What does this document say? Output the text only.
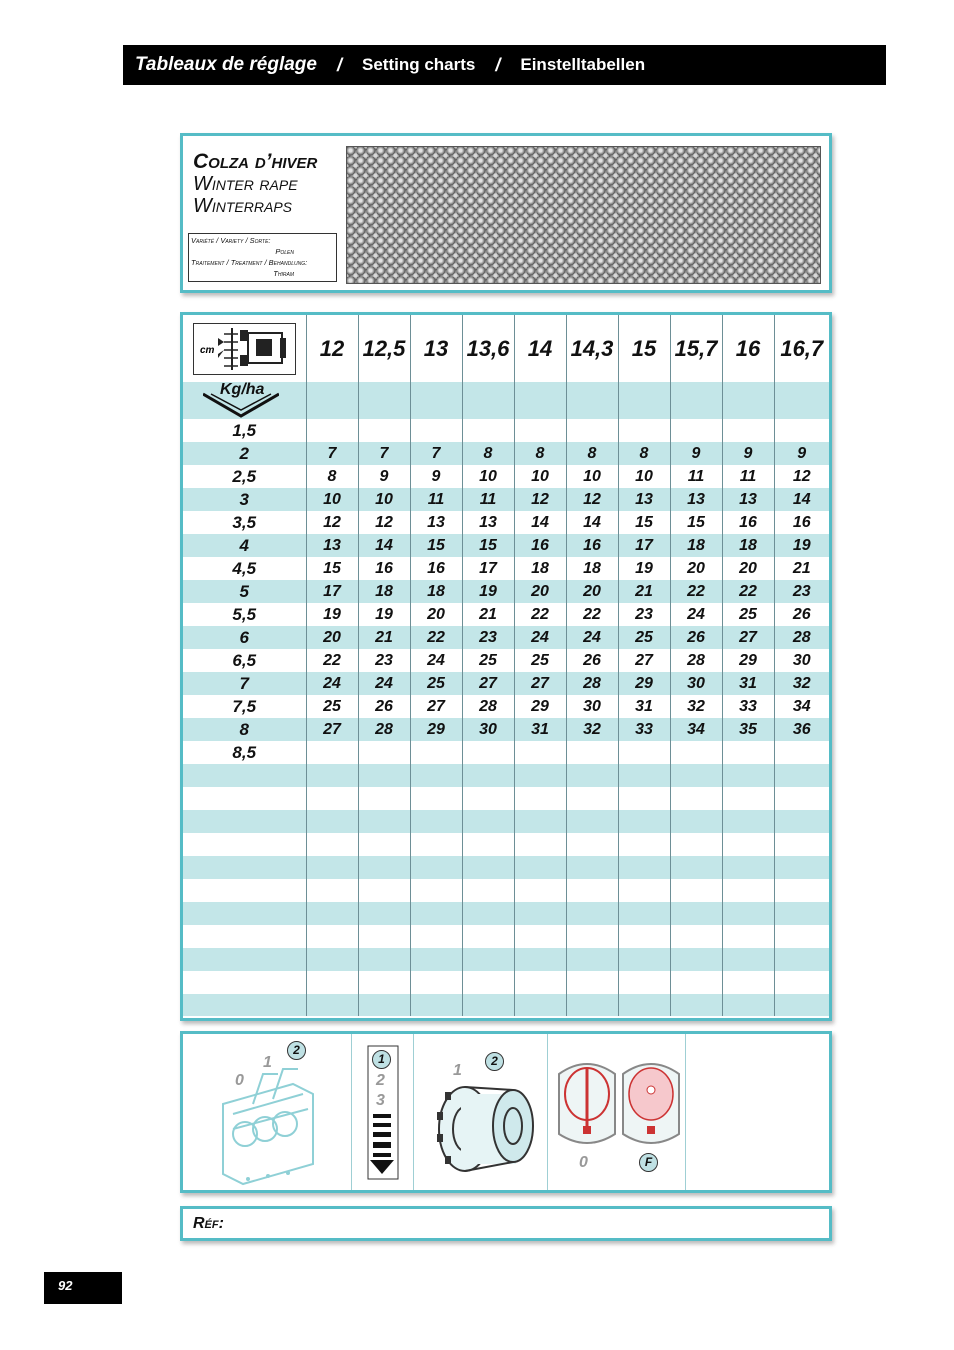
Tableaux de réglage / Setting charts / Einstelltabellen
Colza d’hiver
Winter rape
Winterraps
Variété / Variety / Sorte:
Polen
Traitement / Treatment / Behandlung:
Thiram
cm	12	12,5	13	13,6	14	14,3	15	15,7	16	16,7

Kg/ha										

1,5										
2	7	7	7	8	8	8	8	9	9	9
2,5	8	9	9	10	10	10	10	11	11	12
3	10	10	11	11	12	12	13	13	13	14
3,5	12	12	13	13	14	14	15	15	16	16
4	13	14	15	15	16	16	17	18	18	19
4,5	15	16	16	17	18	18	19	20	20	21
5	17	18	18	19	20	20	21	22	22	23
5,5	19	19	20	21	22	22	23	24	25	26
6	20	21	22	23	24	24	25	26	27	28
6,5	22	23	24	25	25	26	27	28	29	30
7	24	24	25	27	27	28	29	30	31	32
7,5	25	26	27	28	29	30	31	32	33	34
8	27	28	29	30	31	32	33	34	35	36
8,5										

0
1
2
1
2
3
1
2
0	F
Réf:
92
